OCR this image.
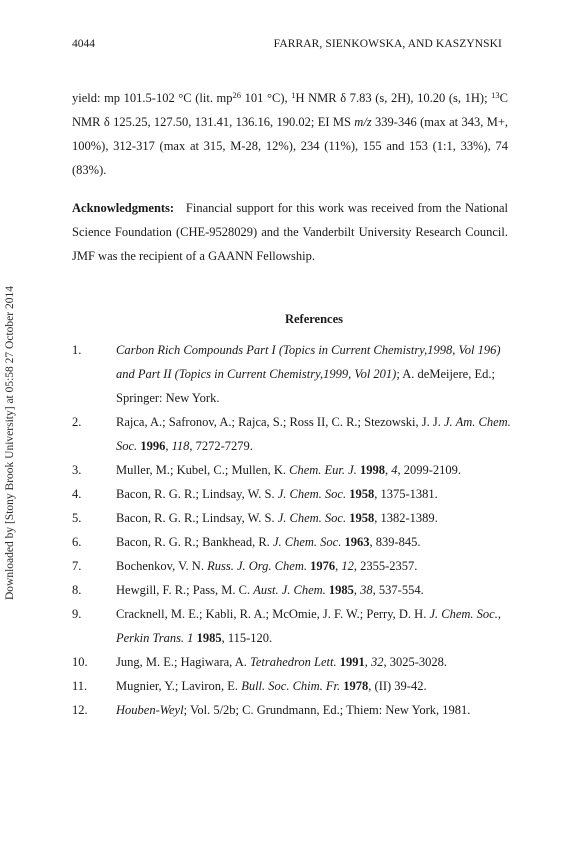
4044	FARRAR, SIENKOWSKA, AND KASZYNSKI
Downloaded by [Stony Brook University] at 05:58 27 October 2014

yield: mp 101.5-102 °C (lit. $mp^{26}$ 101 °C), $^1$H NMR δ 7.83 (s, 2H), 10.20 (s, 1H); $^{13}$C NMR δ 125.25, 127.50, 131.41, 136.16, 190.02; EI MS m/z 339-346 (max at 343, M+, 100%), 312-317 (max at 315, M-28, 12%), 234 (11%), 155 and 153 (1:1, 33%), 74 (83%).

Acknowledgments: Financial support for this work was received from the National Science Foundation (CHE-9528029) and the Vanderbilt University Research Council. JMF was the recipient of a GAANN Fellowship.
References
1.	Carbon Rich Compounds Part I (Topics in Current Chemistry,1998, Vol 196) and Part II (Topics in Current Chemistry,1999, Vol 201); A. deMeijere, Ed.; Springer: New York.
2.	Rajca, A.; Safronov, A.; Rajca, S.; Ross II, C. R.; Stezowski, J. J. J. Am. Chem. Soc. 1996, 118, 7272-7279.
3.	Muller, M.; Kubel, C.; Mullen, K. Chem. Eur. J. 1998, 4, 2099-2109.
4.	Bacon, R. G. R.; Lindsay, W. S. J. Chem. Soc. 1958, 1375-1381.
5.	Bacon, R. G. R.; Lindsay, W. S. J. Chem. Soc. 1958, 1382-1389.
6.	Bacon, R. G. R.; Bankhead, R. J. Chem. Soc. 1963, 839-845.
7.	Bochenkov, V. N. Russ. J. Org. Chem. 1976, 12, 2355-2357.
8.	Hewgill, F. R.; Pass, M. C. Aust. J. Chem. 1985, 38, 537-554.
9.	Cracknell, M. E.; Kabli, R. A.; McOmie, J. F. W.; Perry, D. H. J. Chem. Soc., Perkin Trans. 1 1985, 115-120.
10. Jung, M. E.; Hagiwara, A. Tetrahedron Lett. 1991, 32, 3025-3028.
11. Mugnier, Y.; Laviron, E. Bull. Soc. Chim. Fr. 1978, (II) 39-42.
12. Houben-Weyl; Vol. 5/2b; C. Grundmann, Ed.; Thiem: New York, 1981.
